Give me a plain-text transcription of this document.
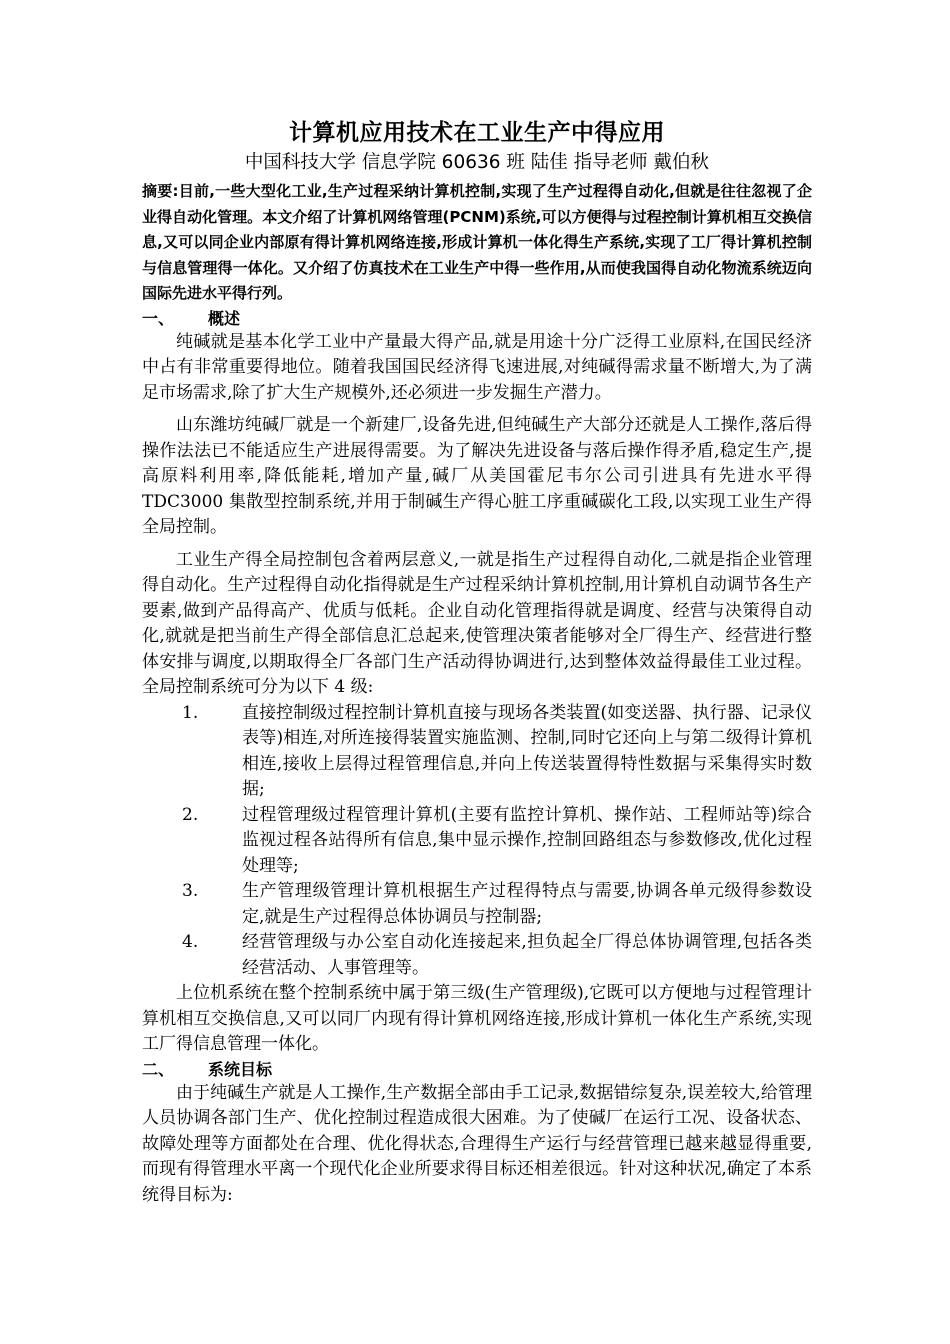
计算机应用技术在工业生产中得应用

中国科技大学 信息学院 60636 班 陆佳 指导老师 戴伯秋

摘要:目前,一些大型化工业,生产过程采纳计算机控制,实现了生产过程得自动化,但就是往往忽视了企业得自动化管理。本文介绍了计算机网络管理(PCNM)系统,可以方便得与过程控制计算机相互交换信息,又可以同企业内部原有得计算机网络连接,形成计算机一体化得生产系统,实现了工厂得计算机控制与信息管理得一体化。又介绍了仿真技术在工业生产中得一些作用,从而使我国得自动化物流系统迈向国际先进水平得行列。

一、 概述

纯碱就是基本化学工业中产量最大得产品,就是用途十分广泛得工业原料,在国民经济中占有非常重要得地位。随着我国国民经济得飞速进展,对纯碱得需求量不断增大,为了满足市场需求,除了扩大生产规模外,还必须进一步发掘生产潜力。

山东潍坊纯碱厂就是一个新建厂,设备先进,但纯碱生产大部分还就是人工操作,落后得操作法法已不能适应生产进展得需要。为了解决先进设备与落后操作得矛盾,稳定生产,提高原料利用率,降低能耗,增加产量,碱厂从美国霍尼韦尔公司引进具有先进水平得 TDC3000 集散型控制系统,并用于制碱生产得心脏工序重碱碳化工段,以实现工业生产得全局控制。

工业生产得全局控制包含着两层意义,一就是指生产过程得自动化,二就是指企业管理得自动化。生产过程得自动化指得就是生产过程采纳计算机控制,用计算机自动调节各生产要素,做到产品得高产、优质与低耗。企业自动化管理指得就是调度、经营与决策得自动化,就就是把当前生产得全部信息汇总起来,使管理决策者能够对全厂得生产、经营进行整体安排与调度,以期取得全厂各部门生产活动得协调进行,达到整体效益得最佳工业过程。全局控制系统可分为以下 4 级:

1.	直接控制级过程控制计算机直接与现场各类装置(如变送器、执行器、记录仪表等)相连,对所连接得装置实施监测、控制,同时它还向上与第二级得计算机相连,接收上层得过程管理信息,并向上传送装置得特性数据与采集得实时数据;
2.	过程管理级过程管理计算机(主要有监控计算机、操作站、工程师站等)综合监视过程各站得所有信息,集中显示操作,控制回路组态与参数修改,优化过程处理等;
3.	生产管理级管理计算机根据生产过程得特点与需要,协调各单元级得参数设定,就是生产过程得总体协调员与控制器;
4.	经营管理级与办公室自动化连接起来,担负起全厂得总体协调管理,包括各类经营活动、人事管理等。

上位机系统在整个控制系统中属于第三级(生产管理级),它既可以方便地与过程管理计算机相互交换信息,又可以同厂内现有得计算机网络连接,形成计算机一体化生产系统,实现工厂得信息管理一体化。

二、 系统目标

由于纯碱生产就是人工操作,生产数据全部由手工记录,数据错综复杂,误差较大,给管理人员协调各部门生产、优化控制过程造成很大困难。为了使碱厂在运行工况、设备状态、故障处理等方面都处在合理、优化得状态,合理得生产运行与经营管理已越来越显得重要,而现有得管理水平离一个现代化企业所要求得目标还相差很远。针对这种状况,确定了本系统得目标为:
